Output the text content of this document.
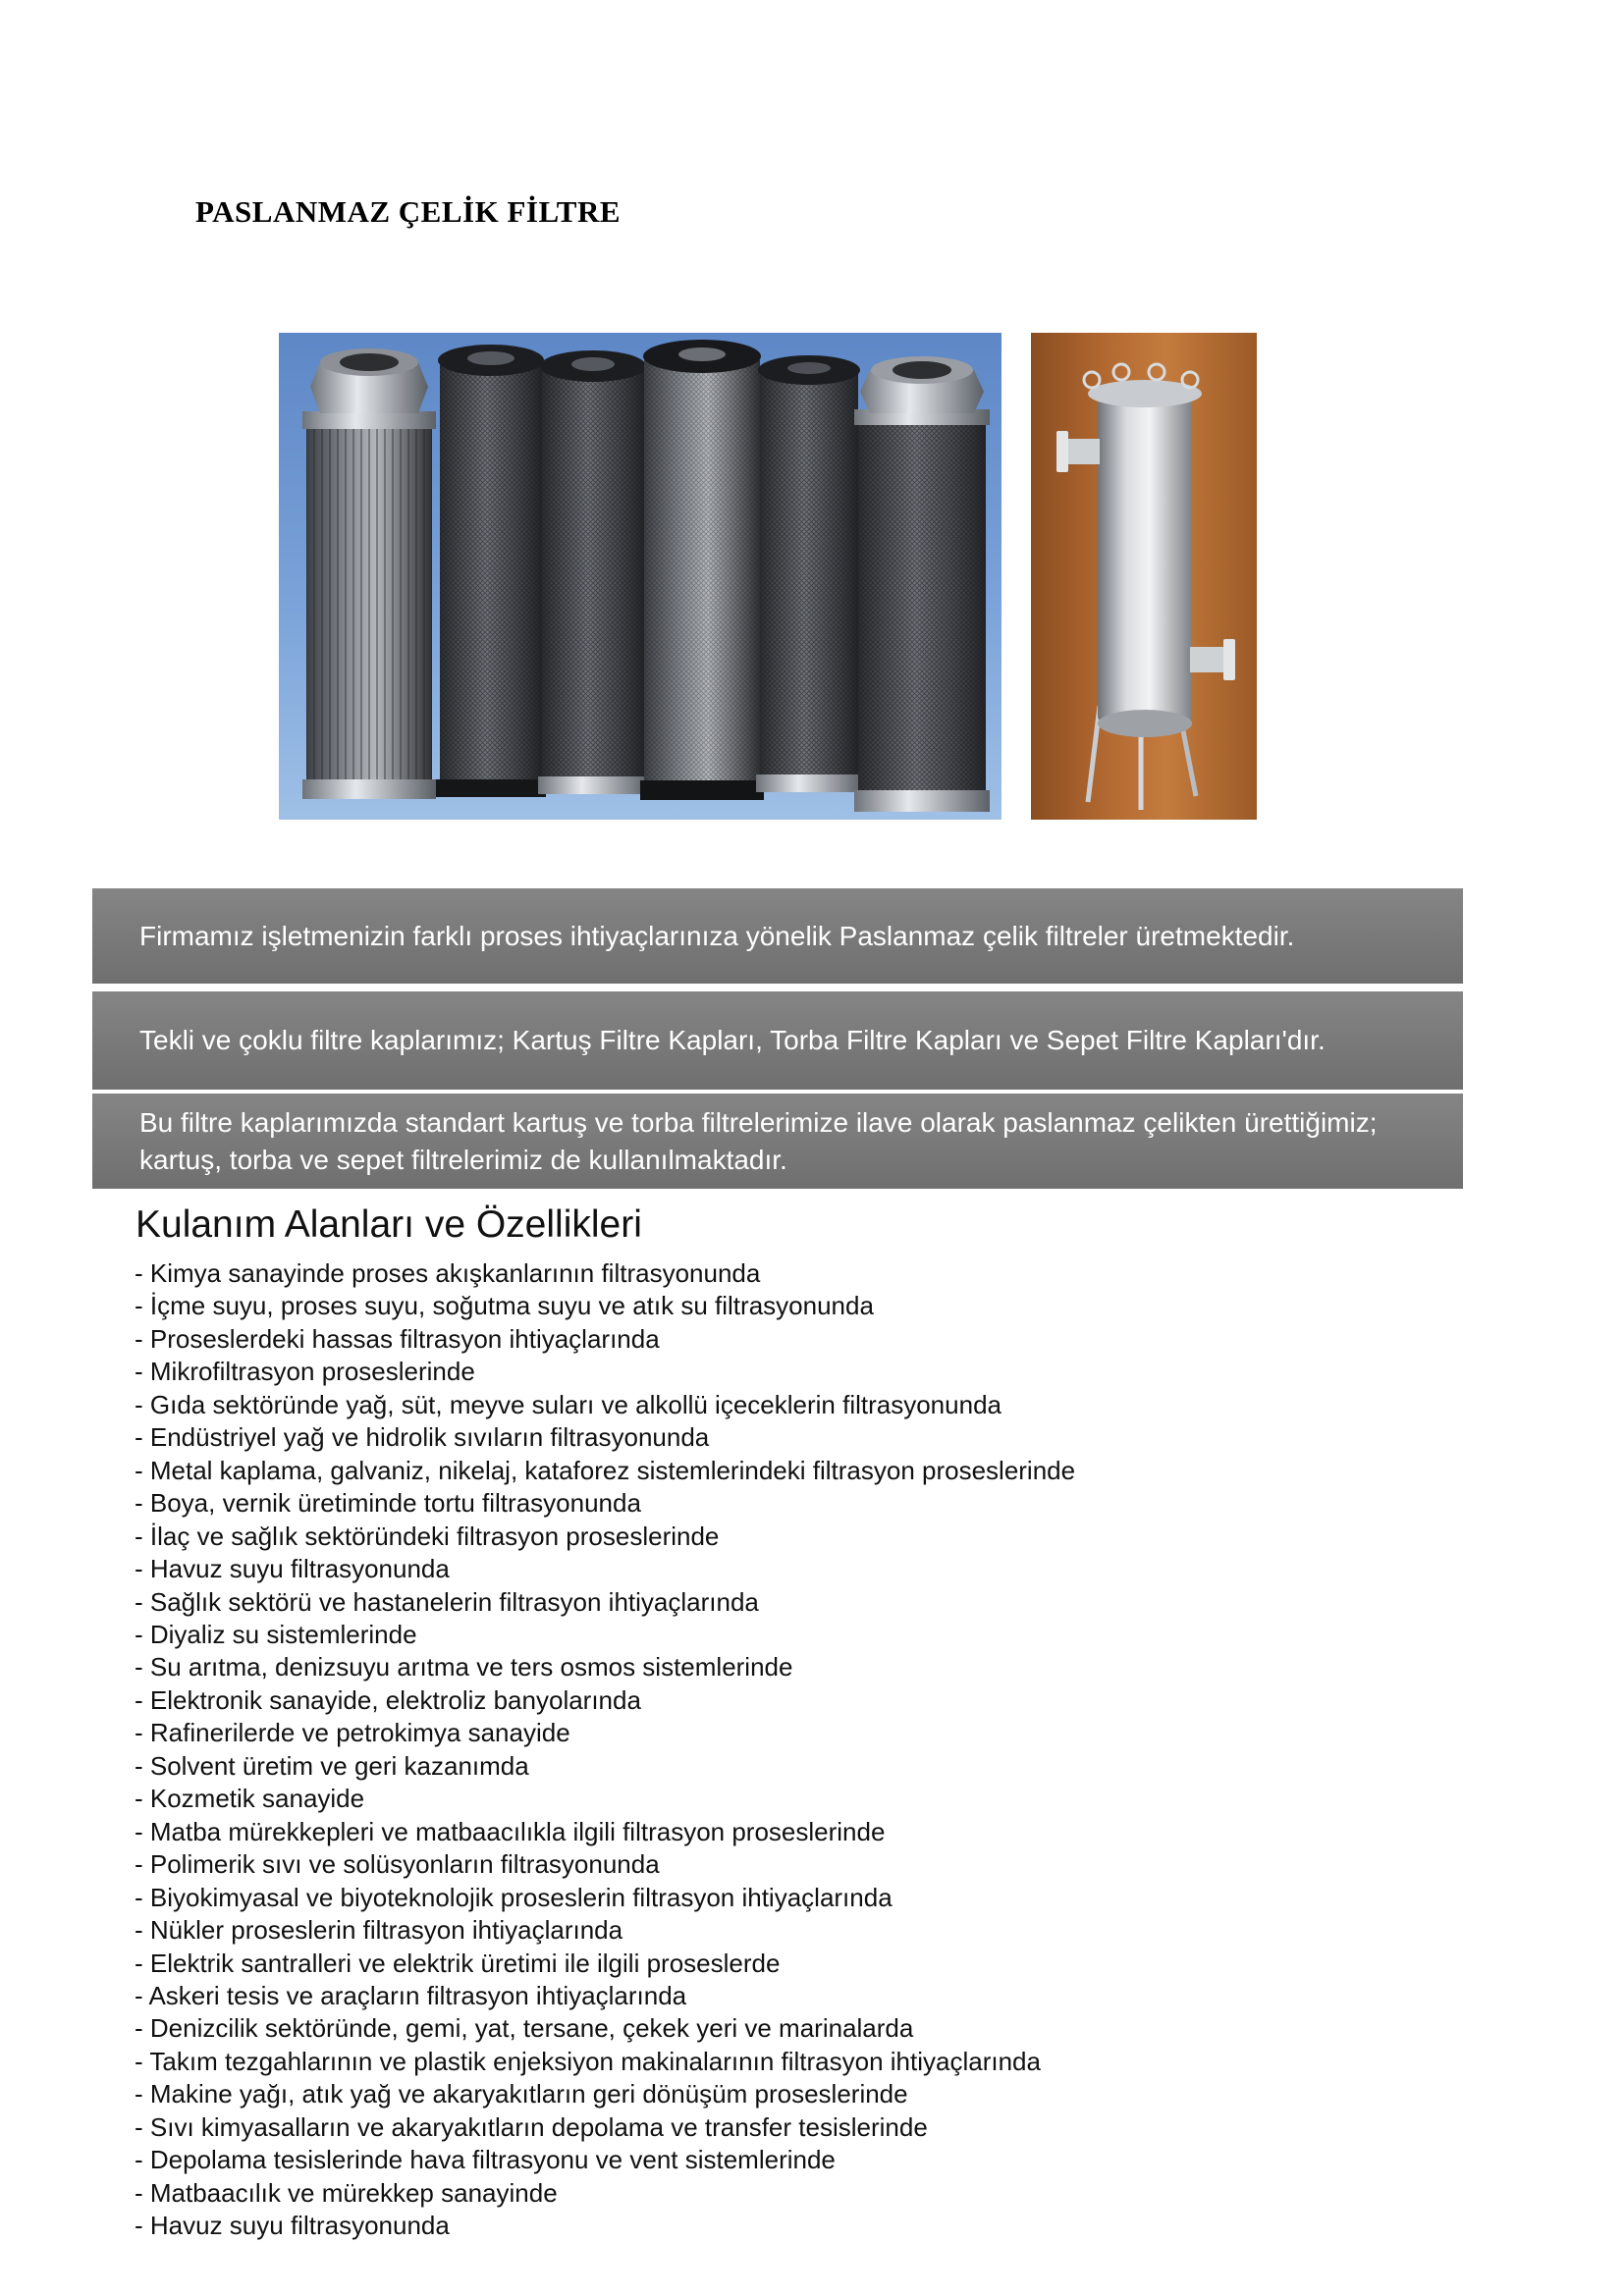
PASLANMAZ ÇELİK FİLTRE
Firmamız işletmenizin farklı proses ihtiyaçlarınıza yönelik Paslanmaz çelik filtreler üretmektedir.
Tekli ve çoklu filtre kaplarımız; Kartuş Filtre Kapları, Torba Filtre Kapları ve Sepet Filtre Kapları'dır.
Bu filtre kaplarımızda standart kartuş ve torba filtrelerimize ilave olarak paslanmaz çelikten ürettiğimiz; kartuş, torba ve sepet filtrelerimiz de kullanılmaktadır.
Kulanım Alanları ve Özellikleri
- Kimya sanayinde proses akışkanlarının filtrasyonunda
- İçme suyu, proses suyu, soğutma suyu ve atık su filtrasyonunda
- Proseslerdeki hassas filtrasyon ihtiyaçlarında
- Mikrofiltrasyon proseslerinde
- Gıda sektöründe yağ, süt, meyve suları ve alkollü içeceklerin filtrasyonunda
- Endüstriyel yağ ve hidrolik sıvıların filtrasyonunda
- Metal kaplama, galvaniz, nikelaj, kataforez sistemlerindeki filtrasyon proseslerinde
- Boya, vernik üretiminde tortu filtrasyonunda
- İlaç ve sağlık sektöründeki filtrasyon proseslerinde
- Havuz suyu filtrasyonunda
- Sağlık sektörü ve hastanelerin filtrasyon ihtiyaçlarında
- Diyaliz su sistemlerinde
- Su arıtma, denizsuyu arıtma ve ters osmos sistemlerinde
- Elektronik sanayide, elektroliz banyolarında
- Rafinerilerde ve petrokimya sanayide
- Solvent üretim ve geri kazanımda
- Kozmetik sanayide
- Matba mürekkepleri ve matbaacılıkla ilgili filtrasyon proseslerinde
- Polimerik sıvı ve solüsyonların filtrasyonunda
- Biyokimyasal ve biyoteknolojik proseslerin filtrasyon ihtiyaçlarında
- Nükler proseslerin filtrasyon ihtiyaçlarında
- Elektrik santralleri ve elektrik üretimi ile ilgili proseslerde
- Askeri tesis ve araçların filtrasyon ihtiyaçlarında
- Denizcilik sektöründe, gemi, yat, tersane, çekek yeri ve marinalarda
- Takım tezgahlarının ve plastik enjeksiyon makinalarının filtrasyon ihtiyaçlarında
- Makine yağı, atık yağ ve akaryakıtların geri dönüşüm proseslerinde
- Sıvı kimyasalların ve akaryakıtların depolama ve transfer tesislerinde
- Depolama tesislerinde hava filtrasyonu ve vent sistemlerinde
- Matbaacılık ve mürekkep sanayinde
- Havuz suyu filtrasyonunda
